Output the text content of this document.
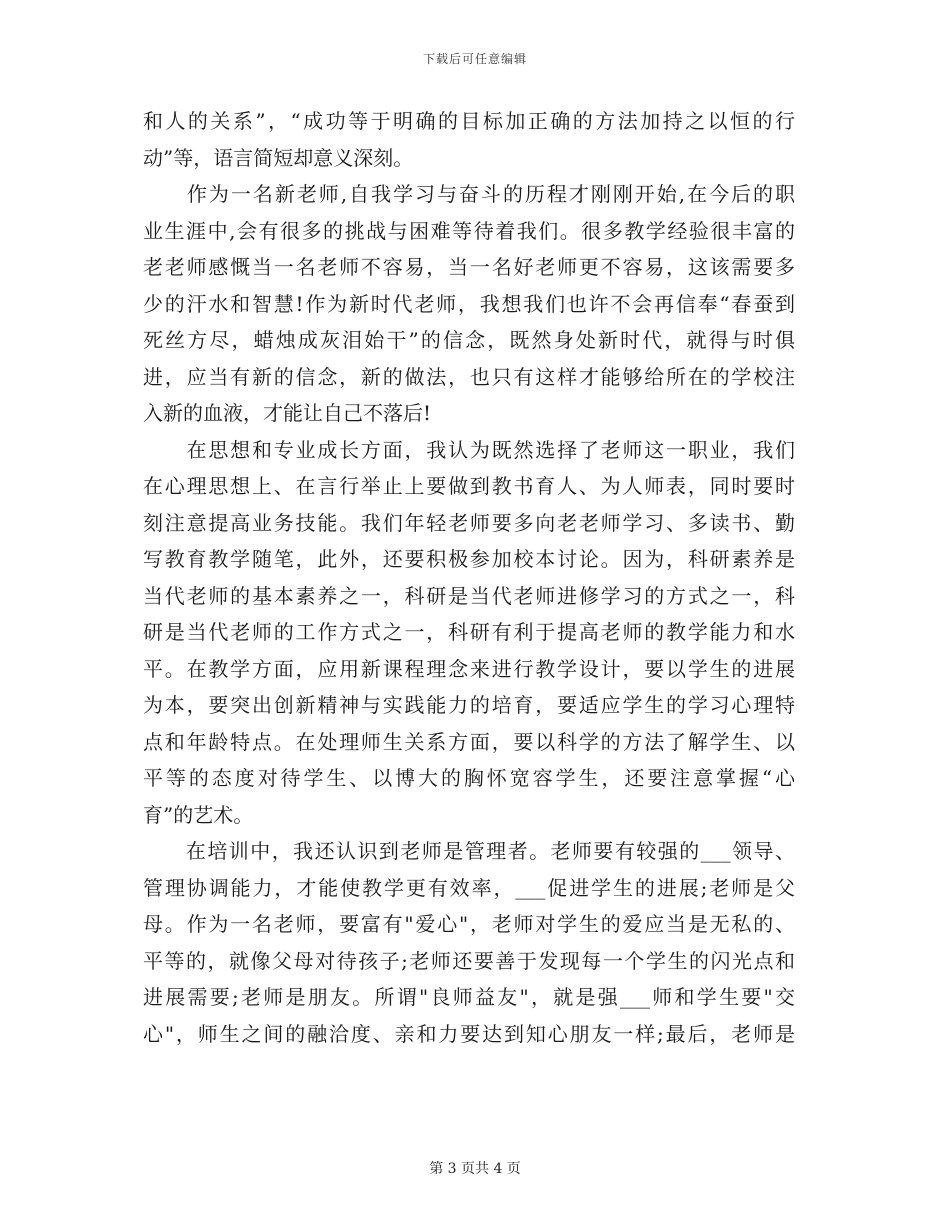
下载后可任意编辑
和人的关系”，“成功等于明确的目标加正确的方法加持之以恒的行
动”等，语言简短却意义深刻。
　　作为一名新老师,自我学习与奋斗的历程才刚刚开始,在今后的职
业生涯中,会有很多的挑战与困难等待着我们。很多教学经验很丰富的
老老师感慨当一名老师不容易，当一名好老师更不容易，这该需要多
少的汗水和智慧!作为新时代老师，我想我们也许不会再信奉“春蚕到
死丝方尽，蜡烛成灰泪始干”的信念，既然身处新时代，就得与时俱
进，应当有新的信念，新的做法，也只有这样才能够给所在的学校注
入新的血液，才能让自己不落后!
　　在思想和专业成长方面，我认为既然选择了老师这一职业，我们
在心理思想上、在言行举止上要做到教书育人、为人师表，同时要时
刻注意提高业务技能。我们年轻老师要多向老老师学习、多读书、勤
写教育教学随笔，此外，还要积极参加校本讨论。因为，科研素养是
当代老师的基本素养之一，科研是当代老师进修学习的方式之一，科
研是当代老师的工作方式之一，科研有利于提高老师的教学能力和水
平。在教学方面，应用新课程理念来进行教学设计，要以学生的进展
为本，要突出创新精神与实践能力的培育，要适应学生的学习心理特
点和年龄特点。在处理师生关系方面，要以科学的方法了解学生、以
平等的态度对待学生、以博大的胸怀宽容学生，还要注意掌握“心
育”的艺术。
　　在培训中，我还认识到老师是管理者。老师要有较强的___领导、
管理协调能力，才能使教学更有效率，___促进学生的进展;老师是父
母。作为一名老师，要富有"爱心"，老师对学生的爱应当是无私的、
平等的，就像父母对待孩子;老师还要善于发现每一个学生的闪光点和
进展需要;老师是朋友。所谓"良师益友"，就是强___师和学生要"交
心"，师生之间的融洽度、亲和力要达到知心朋友一样;最后，老师是
第 3 页共 4 页
